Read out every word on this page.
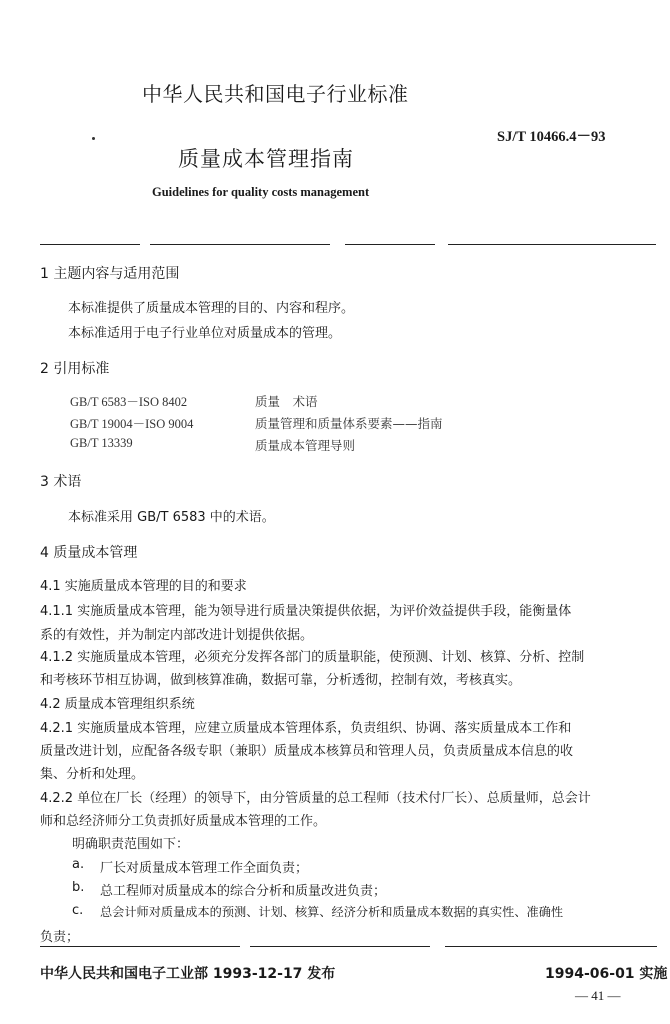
中华人民共和国电子行业标准
SJ/T 10466.4－93
质量成本管理指南
Guidelines for quality costs management
1 主题内容与适用范围
本标准提供了质量成本管理的目的、内容和程序。
本标准适用于电子行业单位对质量成本的管理。
2 引用标准
GB/T 6583－ISO 8402	质量　术语
GB/T 19004－ISO 9004	质量管理和质量体系要素——指南
GB/T 13339	质量成本管理导则
3 术语
本标准采用 GB/T 6583 中的术语。
4 质量成本管理
4.1 实施质量成本管理的目的和要求
4.1.1 实施质量成本管理，能为领导进行质量决策提供依据，为评价效益提供手段，能衡量体
系的有效性，并为制定内部改进计划提供依据。
4.1.2 实施质量成本管理，必须充分发挥各部门的质量职能，使预测、计划、核算、分析、控制
和考核环节相互协调，做到核算准确，数据可靠，分析透彻，控制有效，考核真实。
4.2 质量成本管理组织系统
4.2.1 实施质量成本管理，应建立质量成本管理体系，负责组织、协调、落实质量成本工作和
质量改进计划，应配备各级专职（兼职）质量成本核算员和管理人员，负责质量成本信息的收
集、分析和处理。
4.2.2 单位在厂长（经理）的领导下，由分管质量的总工程师（技术付厂长）、总质量师，总会计
师和总经济师分工负责抓好质量成本管理的工作。
明确职责范围如下：
a. 厂长对质量成本管理工作全面负责；
b. 总工程师对质量成本的综合分析和质量改进负责；
c. 总会计师对质量成本的预测、计划、核算、经济分析和质量成本数据的真实性、准确性
负责；
中华人民共和国电子工业部 1993-12-17 发布	1994-06-01 实施
— 41 —
